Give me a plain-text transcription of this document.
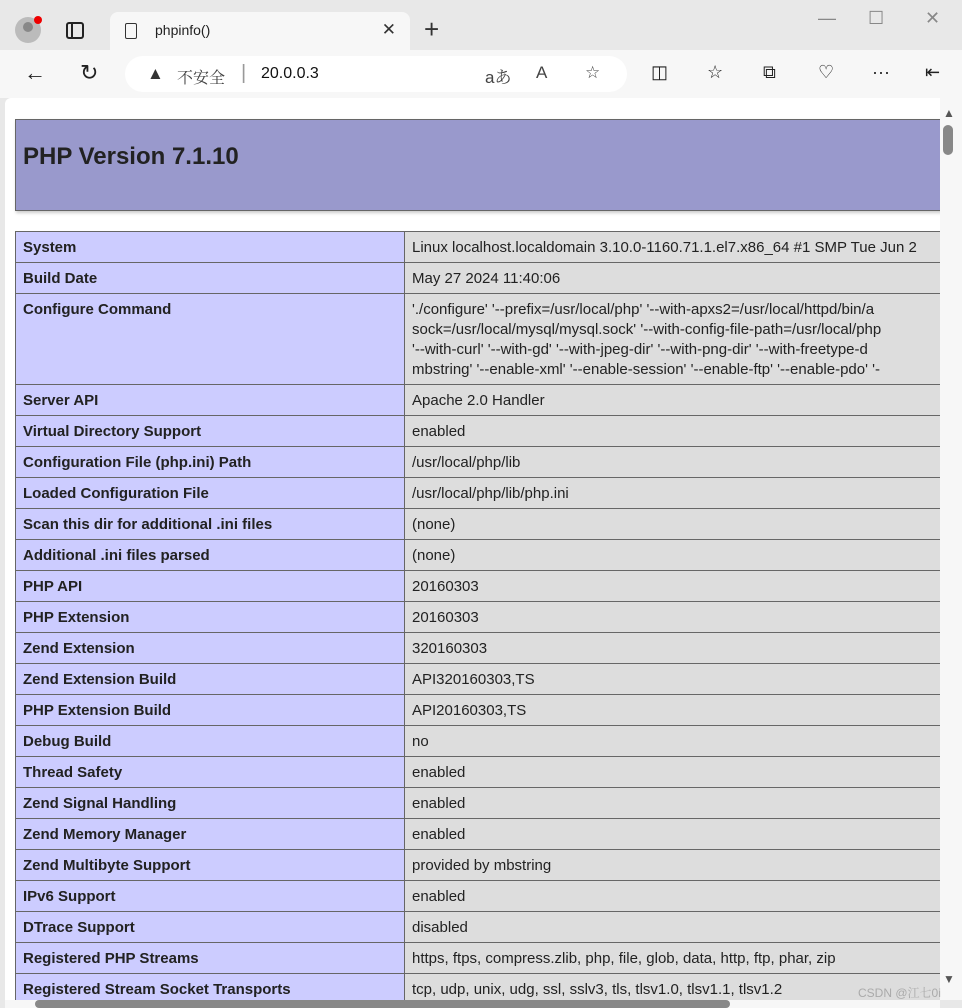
phpinfo()	✕ +	— ☐ ✕
← ↻	▲ 不安全 | 20.0.0.3	aあ A ☆	◫ ☆ ⧉ ♡ ··· ⇤
PHP Version 7.1.10
System	Linux localhost.localdomain 3.10.0-1160.71.1.el7.x86_64 #1 SMP Tue Jun 2

Build Date	May 27 2024 11:40:06

Configure Command	'./configure' '--prefix=/usr/local/php' '--with-apxs2=/usr/local/httpd/bin/a
sock=/usr/local/mysql/mysql.sock' '--with-config-file-path=/usr/local/php
'--with-curl' '--with-gd' '--with-jpeg-dir' '--with-png-dir' '--with-freetype-d
mbstring' '--enable-xml' '--enable-session' '--enable-ftp' '--enable-pdo' '-

Server API	Apache 2.0 Handler

Virtual Directory Support	enabled

Configuration File (php.ini) Path	/usr/local/php/lib

Loaded Configuration File	/usr/local/php/lib/php.ini

Scan this dir for additional .ini files	(none)

Additional .ini files parsed	(none)

PHP API	20160303

PHP Extension	20160303

Zend Extension	320160303

Zend Extension Build	API320160303,TS

PHP Extension Build	API20160303,TS

Debug Build	no

Thread Safety	enabled

Zend Signal Handling	enabled

Zend Memory Manager	enabled

Zend Multibyte Support	provided by mbstring

IPv6 Support	enabled

DTrace Support	disabled

Registered PHP Streams	https, ftps, compress.zlib, php, file, glob, data, http, ftp, phar, zip

Registered Stream Socket Transports	tcp, udp, unix, udg, ssl, sslv3, tls, tlsv1.0, tlsv1.1, tlsv1.2
▲
▼
CSDN @江七0i
